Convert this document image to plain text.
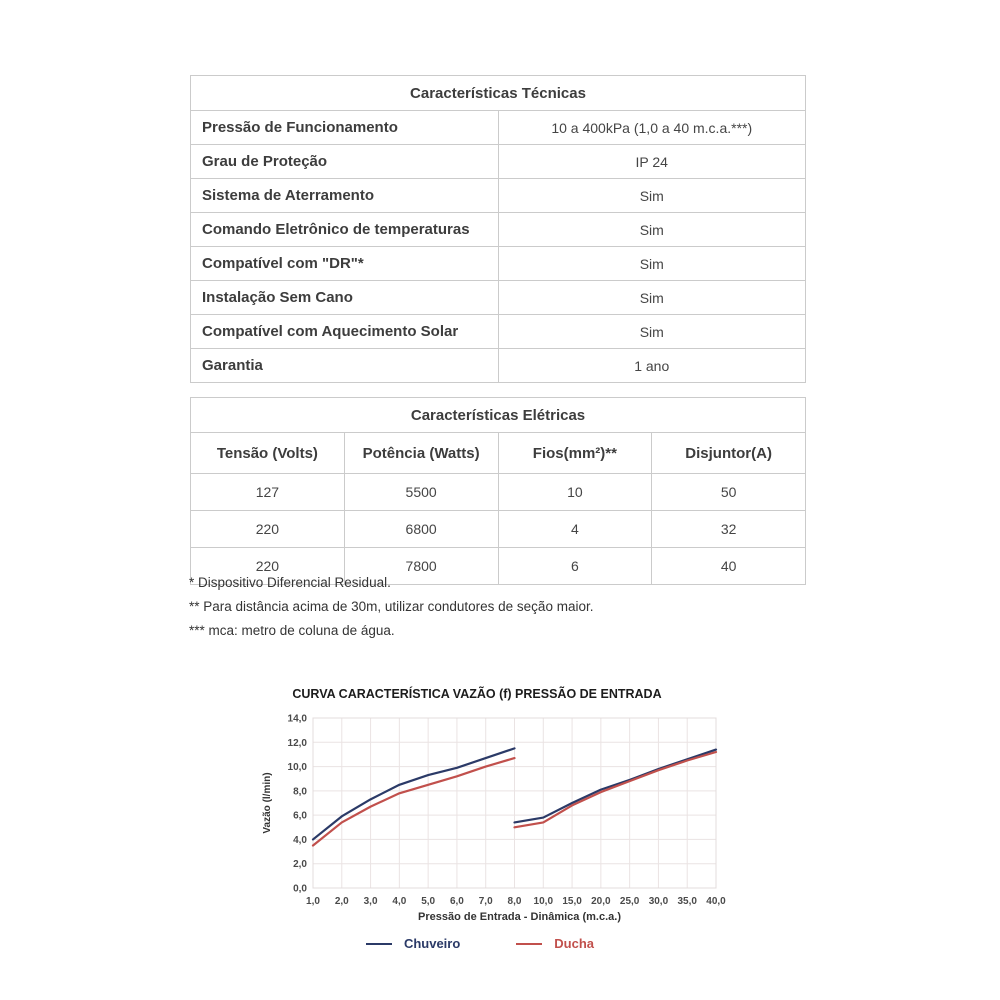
Características Técnicas	
Pressão de Funcionamento	10 a 400kPa (1,0 a 40 m.c.a.***)
Grau de Proteção	IP 24
Sistema de Aterramento	Sim
Comando Eletrônico de temperaturas	Sim
Compatível com "DR"*	Sim
Instalação Sem Cano	Sim
Compatível com Aquecimento Solar	Sim
Garantia	1 ano
Características Elétricas			
Tensão (Volts)	Potência (Watts)	Fios(mm²)**	Disjuntor(A)
127	5500	10	50
220	6800	4	32
220	7800	6	40
* Dispositivo Diferencial Residual.
** Para distância acima de 30m, utilizar condutores de seção maior.
*** mca: metro de coluna de água.
CURVA CARACTERÍSTICA VAZÃO (f) PRESSÃO DE ENTRADA
0,0
2,0
4,0
6,0
8,0
10,0
12,0
14,0
1,0 2,0 3,0 4,0 5,0 6,0 7,0 8,0 10,0 15,0 20,0 25,0 30,0 35,0 40,0
Pressão de Entrada - Dinâmica (m.c.a.)
Vazão (l/min)
Chuveiro	Ducha
